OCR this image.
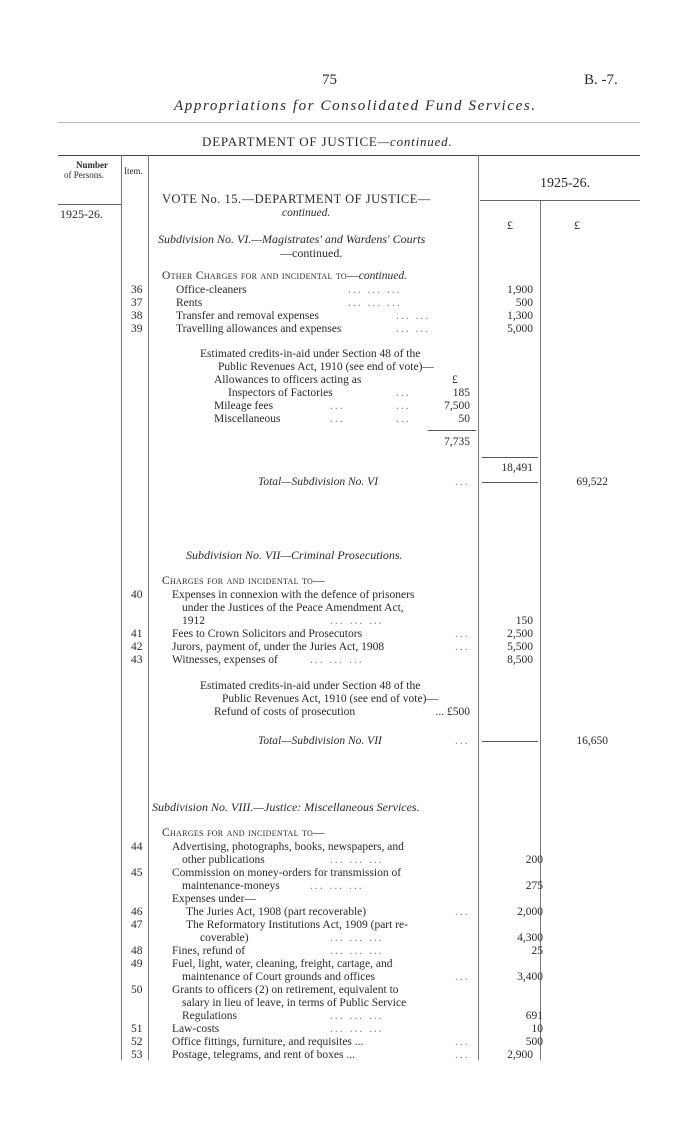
75	B. -7.
Appropriations for Consolidated Fund Services.
DEPARTMENT OF JUSTICE—continued.
Number
of Persons. Item.
1925-26.
1925-26.
£	£
VOTE No. 15.—DEPARTMENT OF JUSTICE—
continued.
Subdivision No. VI.—Magistrates' and Wardens' Courts
—continued.
Other Charges for and incidental to—continued.
36	Office-cleaners	... ... ...	1,900
37	Rents	... ... ...	500
38	Transfer and removal expenses	... ...	1,300
39	Travelling allowances and expenses	... ...	5,000
Estimated credits-in-aid under Section 48 of the
Public Revenues Act, 1910 (see end of vote)—
Allowances to officers acting as	£
Inspectors of Factories	...	185
Mileage fees	...	...	7,500
Miscellaneous	...	...	50
7,735
18,491
Total—Subdivision No. VI	...	69,522
Subdivision No. VII—Criminal Prosecutions.
Charges for and incidental to—
40	Expenses in connexion with the defence of prisoners
under the Justices of the Peace Amendment Act,
1912	... ... ...	150
41	Fees to Crown Solicitors and Prosecutors	...	2,500
42	Jurors, payment of, under the Juries Act, 1908	...	5,500
43	Witnesses, expenses of	... ... ...	8,500
Estimated credits-in-aid under Section 48 of the
Public Revenues Act, 1910 (see end of vote)—
Refund of costs of prosecution	... £500
Total—Subdivision No. VII	...	16,650
Subdivision No. VIII.—Justice: Miscellaneous Services.
Charges for and incidental to—
44	Advertising, photographs, books, newspapers, and
other publications	... ... ...	200
45	Commission on money-orders for transmission of
maintenance-moneys	... ... ...	275
Expenses under—
46	The Juries Act, 1908 (part recoverable)	...	2,000
47	The Reformatory Institutions Act, 1909 (part re-
coverable)	... ... ...	4,300
48	Fines, refund of	... ... ...	25
49	Fuel, light, water, cleaning, freight, cartage, and
maintenance of Court grounds and offices	...	3,400
50	Grants to officers (2) on retirement, equivalent to
salary in lieu of leave, in terms of Public Service
Regulations	... ... ...	691
51	Law-costs	... ... ...	10
52	Office fittings, furniture, and requisites ...	...	500
53	Postage, telegrams, and rent of boxes ...	...	2,900
